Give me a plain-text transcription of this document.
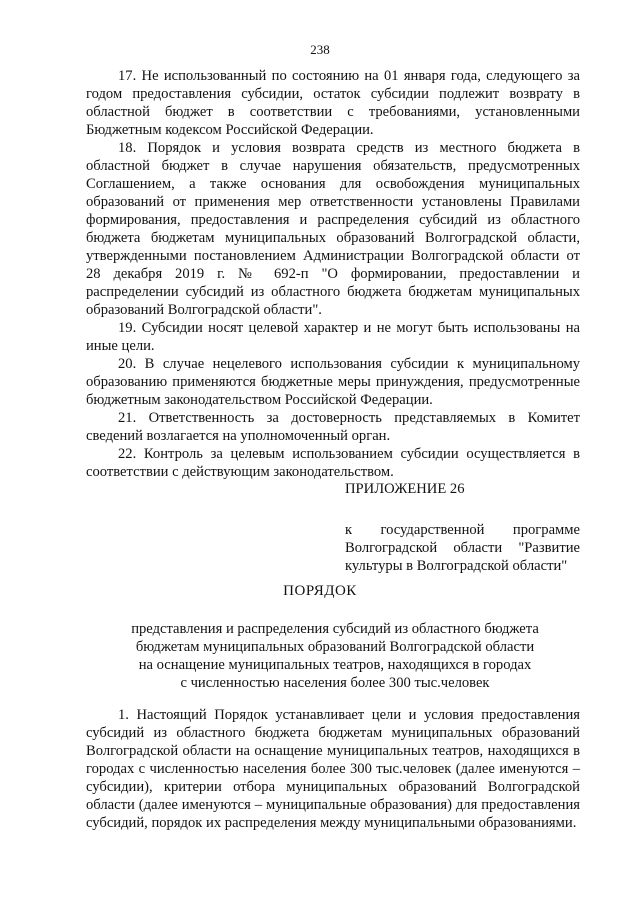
238

17. Не использованный по состоянию на 01 января года, следующего за годом предоставления субсидии, остаток субсидии подлежит возврату в областной бюджет в соответствии с требованиями, установленными Бюджетным кодексом Российской Федерации.

18. Порядок и условия возврата средств из местного бюджета в областной бюджет в случае нарушения обязательств, предусмотренных Соглашением, а также основания для освобождения муниципальных образований от применения мер ответственности установлены Правилами формирования, предоставления и распределения субсидий из областного бюджета бюджетам муниципальных образований Волгоградской области, утвержденными постановлением Администрации Волгоградской области от 28 декабря 2019 г. № 692-п "О формировании, предоставлении и распределении субсидий из областного бюджета бюджетам муниципальных образований Волгоградской области".

19. Субсидии носят целевой характер и не могут быть использованы на иные цели.

20. В случае нецелевого использования субсидии к муниципальному образованию применяются бюджетные меры принуждения, предусмотренные бюджетным законодательством Российской Федерации.

21. Ответственность за достоверность представляемых в Комитет сведений возлагается на уполномоченный орган.

22. Контроль за целевым использованием субсидии осуществляется в соответствии с действующим законодательством.

ПРИЛОЖЕНИЕ 26
к государственной программе Волгоградской области "Развитие культуры в Волгоградской области"
ПОРЯДОК
представления и распределения субсидий из областного бюджета
бюджетам муниципальных образований Волгоградской области
на оснащение муниципальных театров, находящихся в городах
с численностью населения более 300 тыс.человек

1. Настоящий Порядок устанавливает цели и условия предоставления субсидий из областного бюджета бюджетам муниципальных образований Волгоградской области на оснащение муниципальных театров, находящихся в городах с численностью населения более 300 тыс.человек (далее именуются – субсидии), критерии отбора муниципальных образований Волгоградской области (далее именуются – муниципальные образования) для предоставления субсидий, порядок их распределения между муниципальными образованиями.
